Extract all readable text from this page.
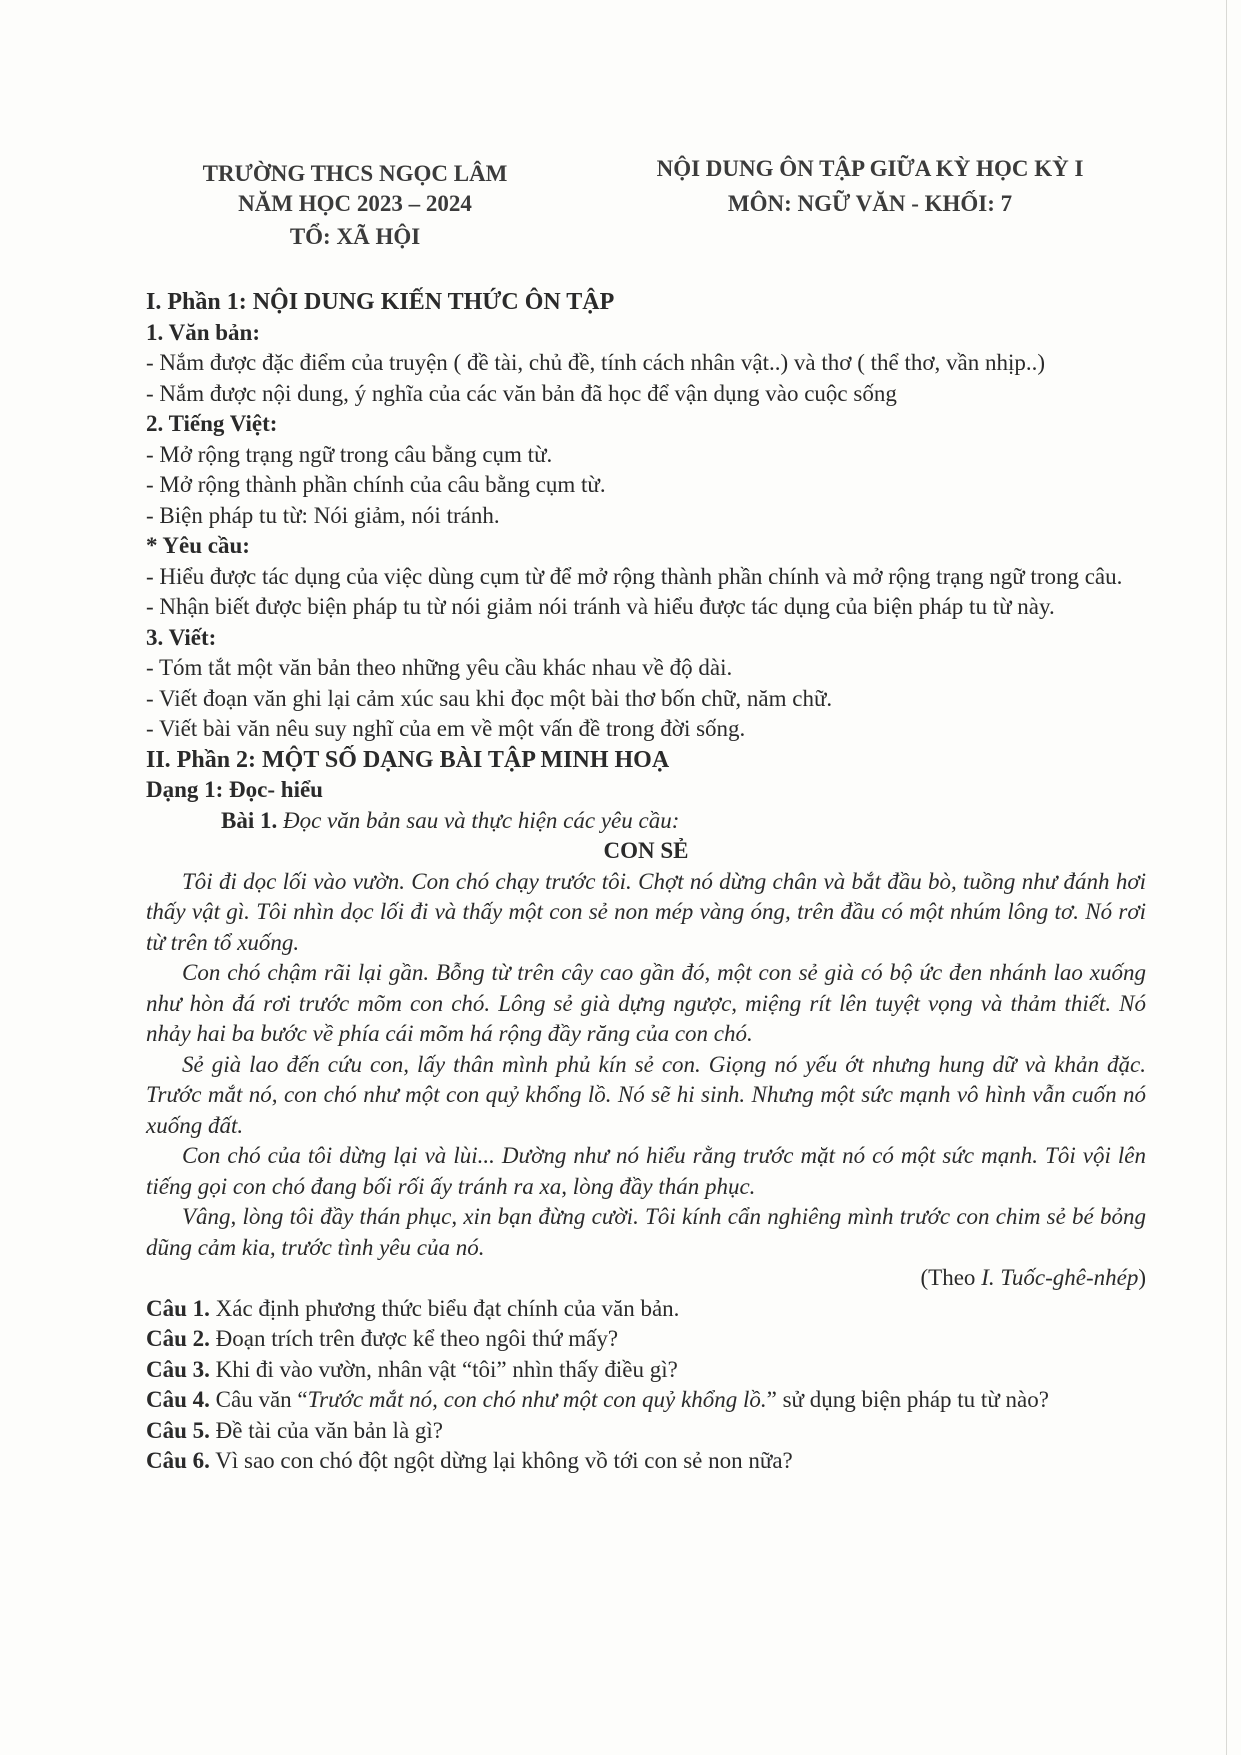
TRƯỜNG THCS NGỌC LÂM
NĂM HỌC 2023 – 2024
TỔ: XÃ HỘI
NỘI DUNG ÔN TẬP GIỮA KỲ HỌC KỲ I
MÔN: NGỮ VĂN - KHỐI: 7

I. Phần 1: NỘI DUNG KIẾN THỨC ÔN TẬP

1. Văn bản:

- Nắm được đặc điểm của truyện ( đề tài, chủ đề, tính cách nhân vật..) và thơ ( thể thơ, vần nhịp..)

- Nắm được nội dung, ý nghĩa của các văn bản đã học để vận dụng vào cuộc sống

2. Tiếng Việt:

- Mở rộng trạng ngữ trong câu bằng cụm từ.

- Mở rộng thành phần chính của câu bằng cụm từ.

- Biện pháp tu từ: Nói giảm, nói tránh.

* Yêu cầu:

- Hiểu được tác dụng của việc dùng cụm từ để mở rộng thành phần chính và mở rộng trạng ngữ trong câu.

- Nhận biết được biện pháp tu từ nói giảm nói tránh và hiểu được tác dụng của biện pháp tu từ này.

3. Viết:

- Tóm tắt một văn bản theo những yêu cầu khác nhau về độ dài.

- Viết đoạn văn ghi lại cảm xúc sau khi đọc một bài thơ bốn chữ, năm chữ.

- Viết bài văn nêu suy nghĩ của em về một vấn đề trong đời sống.

II. Phần 2: MỘT SỐ DẠNG BÀI TẬP MINH HOẠ

Dạng 1: Đọc- hiểu

Bài 1. Đọc văn bản sau và thực hiện các yêu cầu:

CON SẺ

Tôi đi dọc lối vào vườn. Con chó chạy trước tôi. Chợt nó dừng chân và bắt đầu bò, tuồng như đánh hơi thấy vật gì. Tôi nhìn dọc lối đi và thấy một con sẻ non mép vàng óng, trên đầu có một nhúm lông tơ. Nó rơi từ trên tổ xuống.

Con chó chậm rãi lại gần. Bỗng từ trên cây cao gần đó, một con sẻ già có bộ ức đen nhánh lao xuống như hòn đá rơi trước mõm con chó. Lông sẻ già dựng ngược, miệng rít lên tuyệt vọng và thảm thiết. Nó nhảy hai ba bước về phía cái mõm há rộng đầy răng của con chó.

Sẻ già lao đến cứu con, lấy thân mình phủ kín sẻ con. Giọng nó yếu ớt nhưng hung dữ và khản đặc. Trước mắt nó, con chó như một con quỷ khổng lồ. Nó sẽ hi sinh. Nhưng một sức mạnh vô hình vẫn cuốn nó xuống đất.

Con chó của tôi dừng lại và lùi... Dường như nó hiểu rằng trước mặt nó có một sức mạnh. Tôi vội lên tiếng gọi con chó đang bối rối ấy tránh ra xa, lòng đầy thán phục.

Vâng, lòng tôi đầy thán phục, xin bạn đừng cười. Tôi kính cẩn nghiêng mình trước con chim sẻ bé bỏng dũng cảm kia, trước tình yêu của nó.

(Theo I. Tuốc-ghê-nhép)

Câu 1. Xác định phương thức biểu đạt chính của văn bản.

Câu 2. Đoạn trích trên được kể theo ngôi thứ mấy?

Câu 3. Khi đi vào vườn, nhân vật “tôi” nhìn thấy điều gì?

Câu 4. Câu văn “Trước mắt nó, con chó như một con quỷ khổng lồ.” sử dụng biện pháp tu từ nào?

Câu 5. Đề tài của văn bản là gì?

Câu 6. Vì sao con chó đột ngột dừng lại không vồ tới con sẻ non nữa?
